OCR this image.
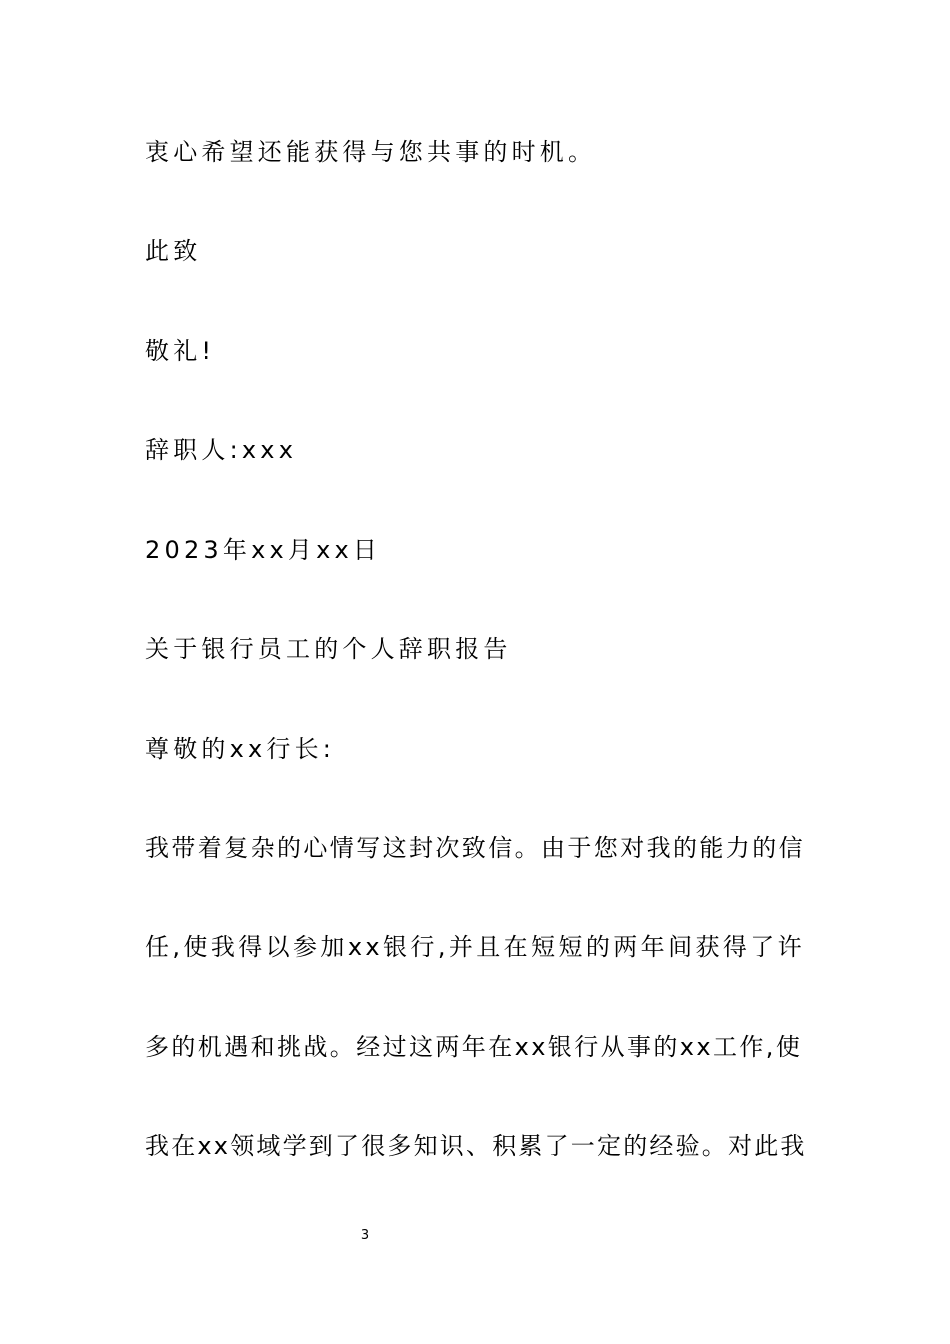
衷心希望还能获得与您共事的时机。
此致
敬礼!
辞职人:xxx
2023年xx月xx日
关于银行员工的个人辞职报告
尊敬的xx行长:
我带着复杂的心情写这封次致信。由于您对我的能力的信
任,使我得以参加xx银行,并且在短短的两年间获得了许
多的机遇和挑战。经过这两年在xx银行从事的xx工作,使
我在xx领域学到了很多知识、积累了一定的经验。对此我
3
